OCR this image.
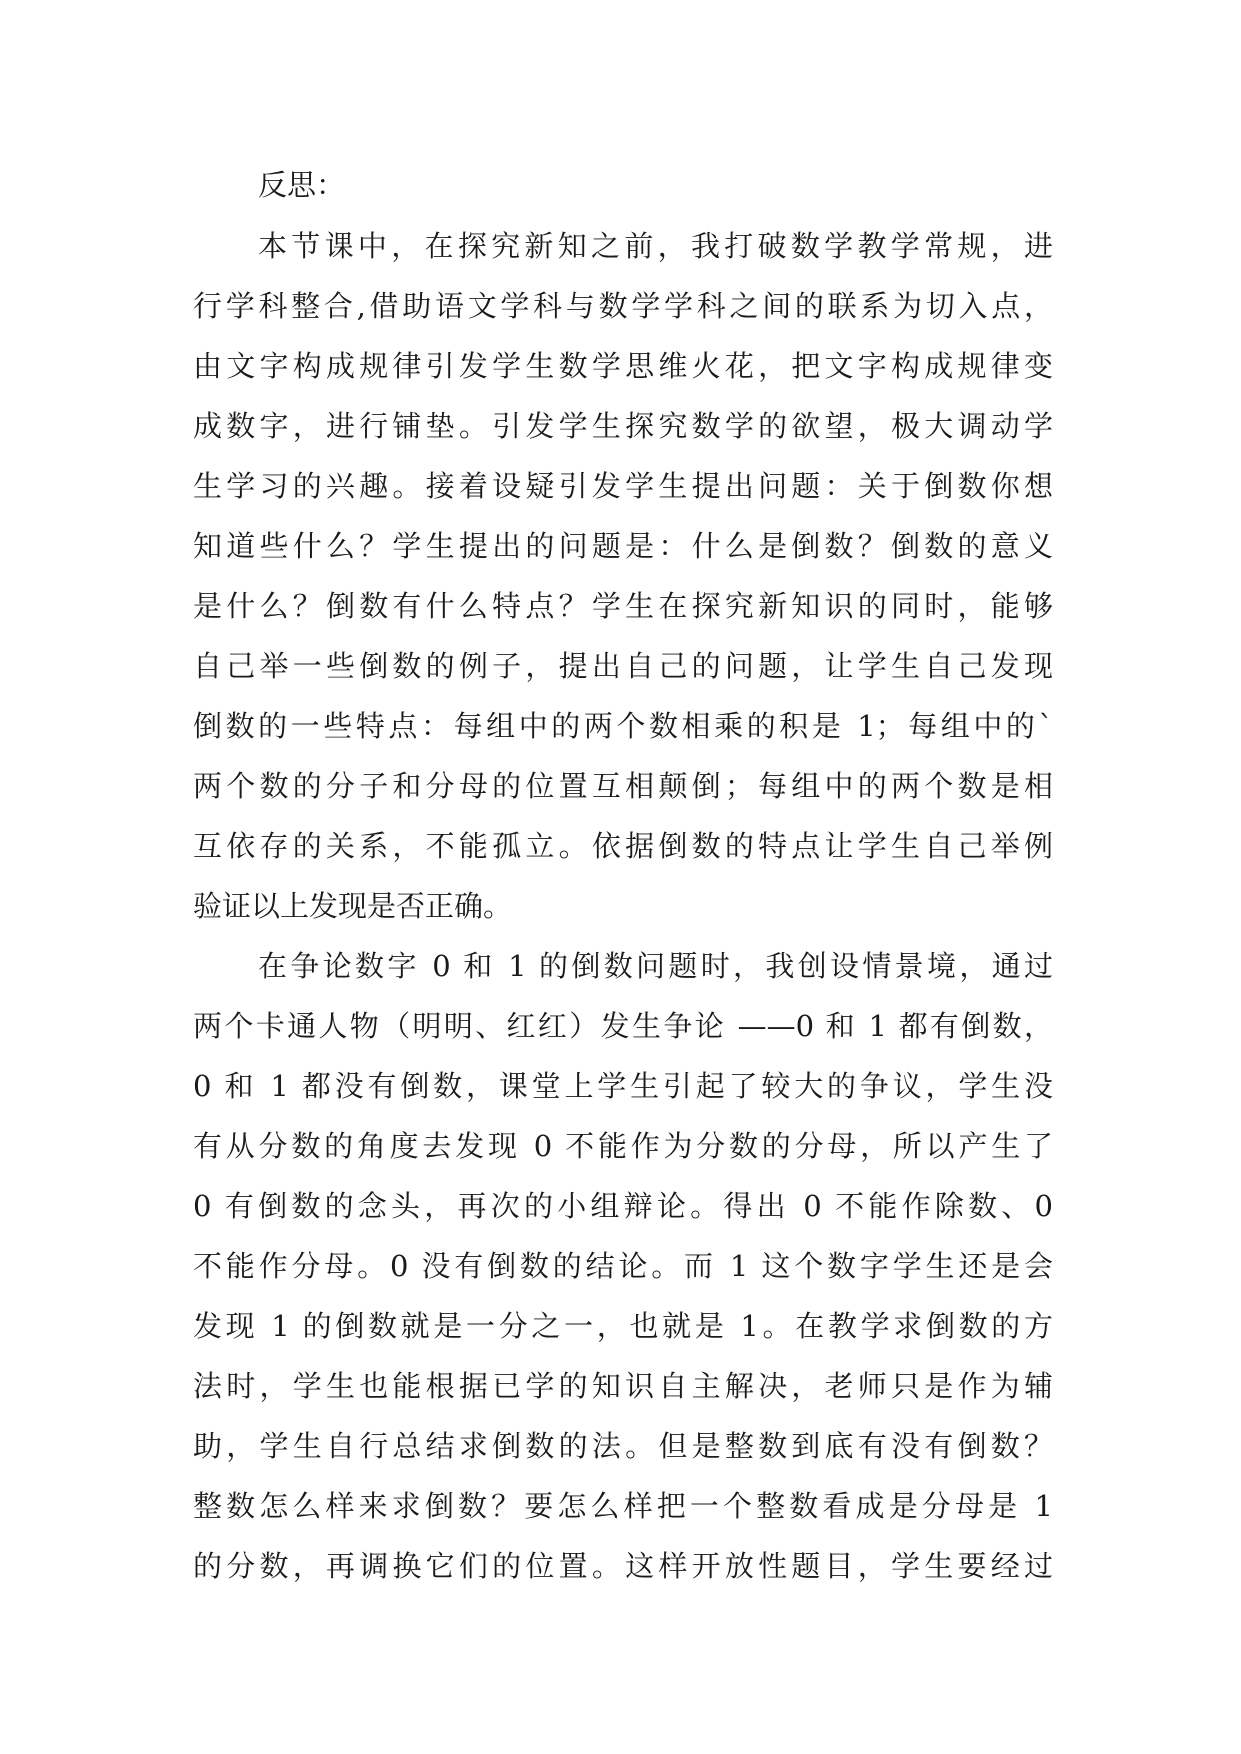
反思：
本节课中，在探究新知之前，我打破数学教学常规，进
行学科整合,借助语文学科与数学学科之间的联系为切入点，
由文字构成规律引发学生数学思维火花，把文字构成规律变
成数字，进行铺垫。引发学生探究数学的欲望，极大调动学
生学习的兴趣。接着设疑引发学生提出问题：关于倒数你想
知道些什么？学生提出的问题是：什么是倒数？倒数的意义
是什么？倒数有什么特点？学生在探究新知识的同时，能够
自己举一些倒数的例子，提出自己的问题，让学生自己发现
倒数的一些特点：每组中的两个数相乘的积是 1；每组中的`
两个数的分子和分母的位置互相颠倒；每组中的两个数是相
互依存的关系，不能孤立。依据倒数的特点让学生自己举例
验证以上发现是否正确。
在争论数字 0 和 1 的倒数问题时，我创设情景境，通过
两个卡通人物（明明、红红）发生争论 ——0 和 1 都有倒数，
0 和 1 都没有倒数，课堂上学生引起了较大的争议，学生没
有从分数的角度去发现 0 不能作为分数的分母，所以产生了
0 有倒数的念头，再次的小组辩论。得出 0 不能作除数、0
不能作分母。0 没有倒数的结论。而 1 这个数字学生还是会
发现 1 的倒数就是一分之一，也就是 1。在教学求倒数的方
法时，学生也能根据已学的知识自主解决，老师只是作为辅
助，学生自行总结求倒数的法。但是整数到底有没有倒数？
整数怎么样来求倒数？要怎么样把一个整数看成是分母是 1
的分数，再调换它们的位置。这样开放性题目，学生要经过
